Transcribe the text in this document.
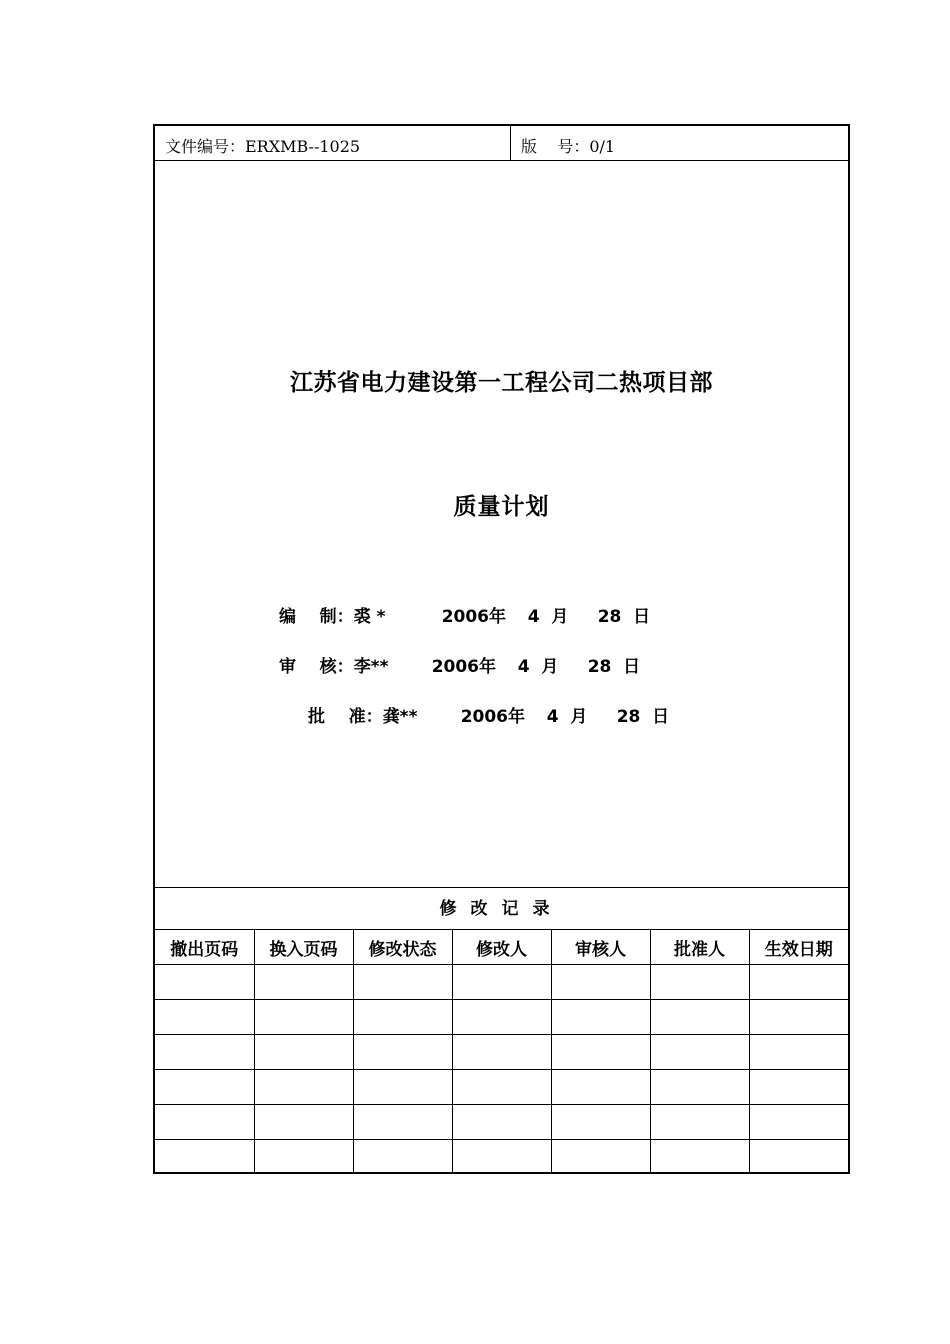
文件编号：ERXMB--1025	版    号：0/1
江苏省电力建设第一工程公司二热项目部
质量计划
编    制：裘 *	2006年 4  月 28  日
审    核：李**	2006年 4  月 28  日
批    准：龚**	2006年 4  月 28  日
修改记录
撤出页码	换入页码	修改状态	修改人	审核人	批准人	生效日期
